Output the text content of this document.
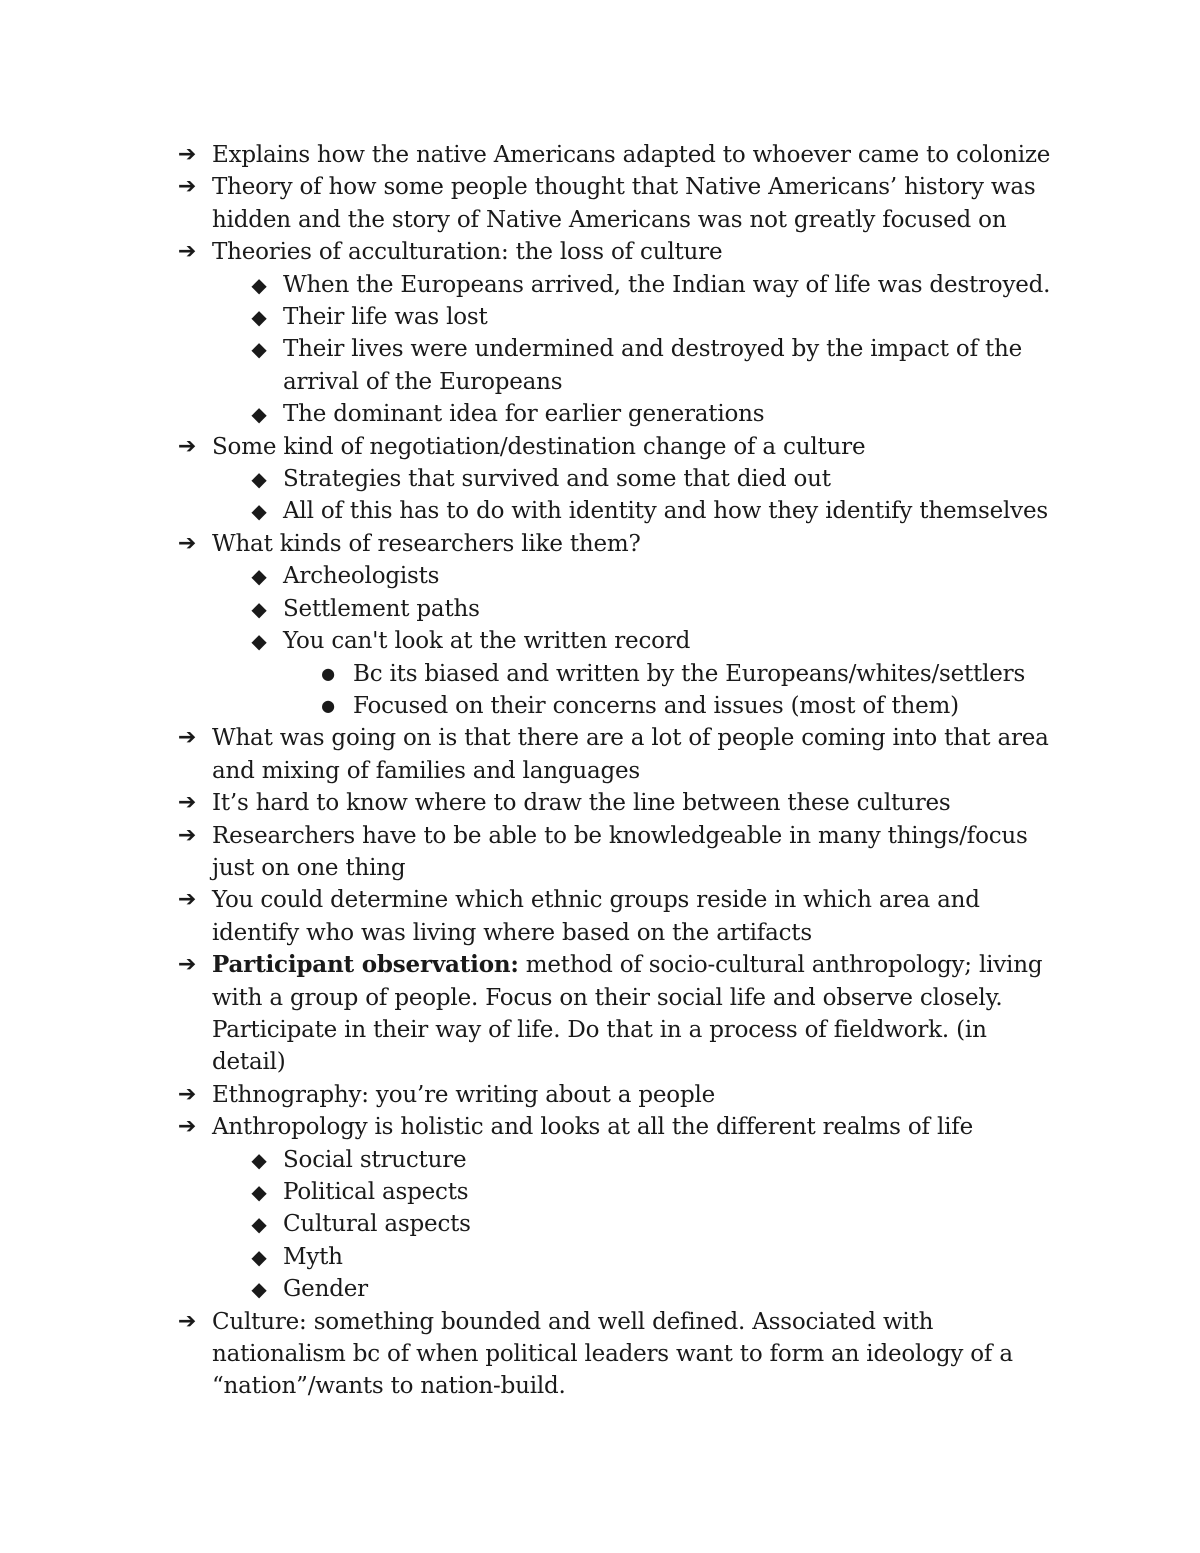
➔ Explains how the native Americans adapted to whoever came to colonize
➔ Theory of how some people thought that Native Americans’ history was hidden and the story of Native Americans was not greatly focused on
➔ Theories of acculturation: the loss of culture
◆ When the Europeans arrived, the Indian way of life was destroyed.
◆ Their life was lost
◆ Their lives were undermined and destroyed by the impact of the arrival of the Europeans
◆ The dominant idea for earlier generations
➔ Some kind of negotiation/destination change of a culture
◆ Strategies that survived and some that died out
◆ All of this has to do with identity and how they identify themselves
➔ What kinds of researchers like them?
◆ Archeologists
◆ Settlement paths
◆ You can't look at the written record
● Bc its biased and written by the Europeans/whites/settlers
● Focused on their concerns and issues (most of them)
➔ What was going on is that there are a lot of people coming into that area and mixing of families and languages
➔ It’s hard to know where to draw the line between these cultures
➔ Researchers have to be able to be knowledgeable in many things/focus just on one thing
➔ You could determine which ethnic groups reside in which area and identify who was living where based on the artifacts
➔ Participant observation: method of socio-cultural anthropology; living with a group of people. Focus on their social life and observe closely. Participate in their way of life. Do that in a process of fieldwork. (in detail)
➔ Ethnography: you’re writing about a people
➔ Anthropology is holistic and looks at all the different realms of life
◆ Social structure
◆ Political aspects
◆ Cultural aspects
◆ Myth
◆ Gender
➔ Culture: something bounded and well defined. Associated with nationalism bc of when political leaders want to form an ideology of a “nation”/wants to nation-build.
